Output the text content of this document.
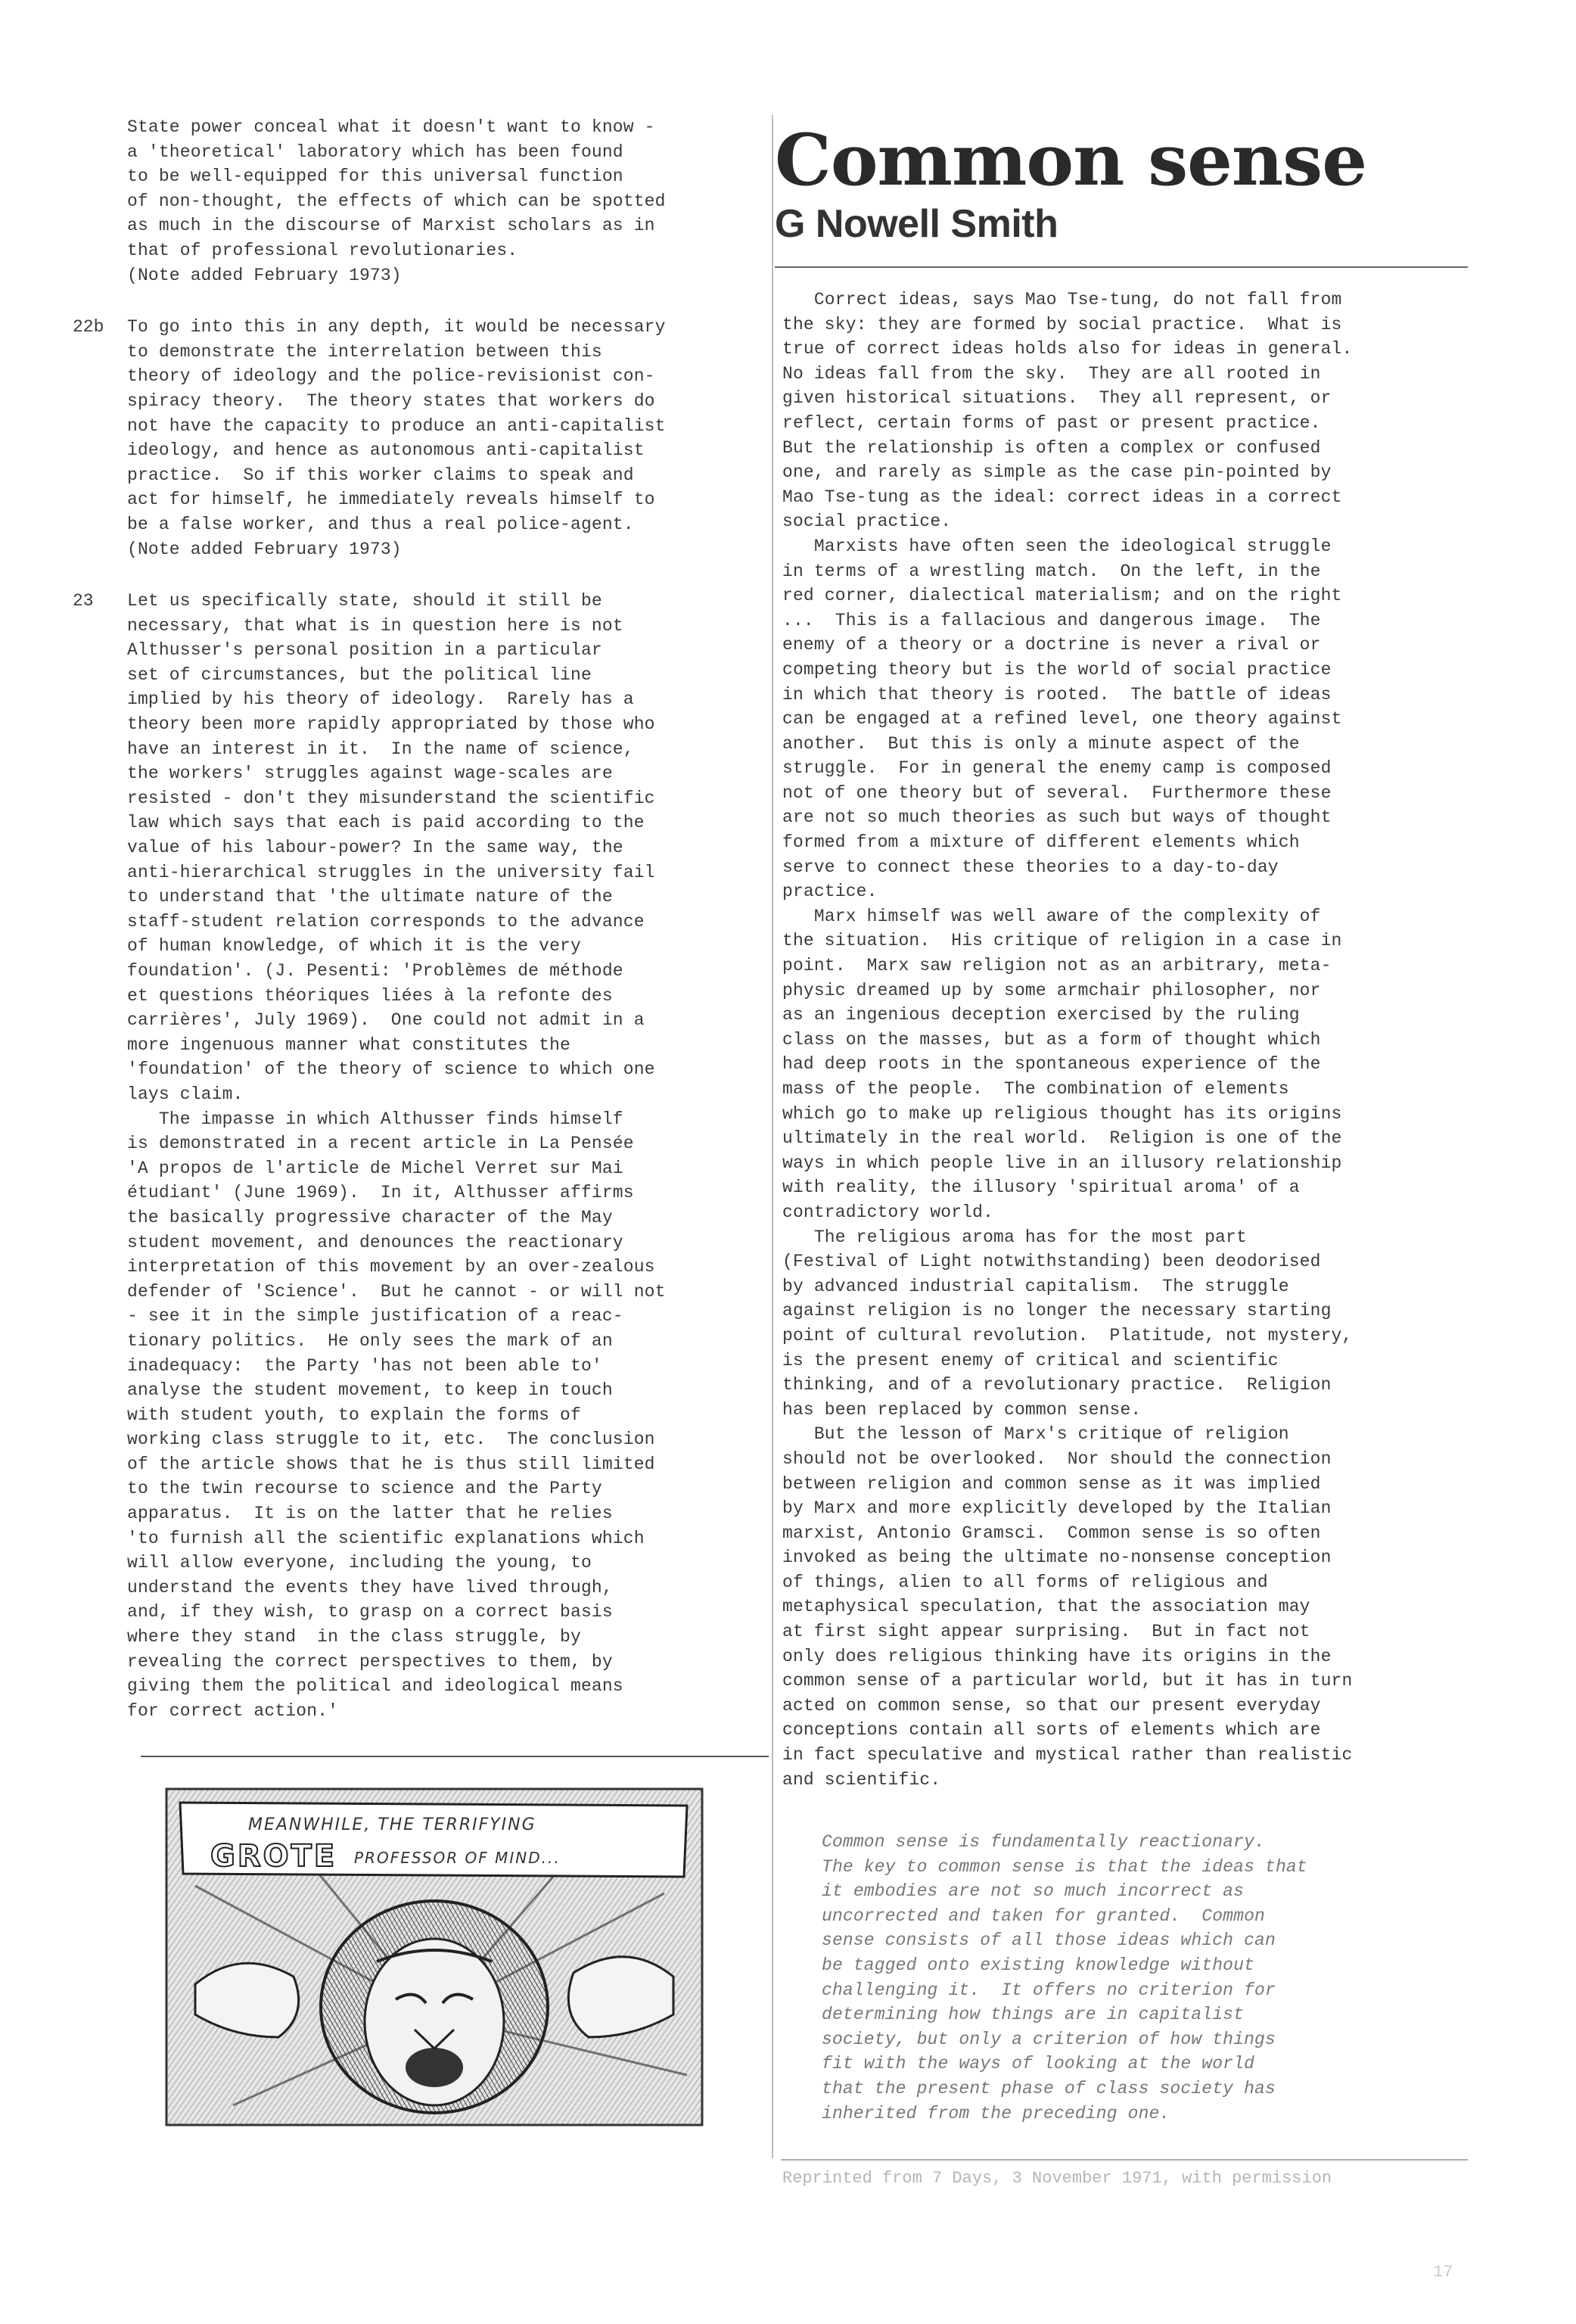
State power conceal what it doesn't want to know -
a 'theoretical' laboratory which has been found
to be well-equipped for this universal function
of non-thought, the effects of which can be spotted
as much in the discourse of Marxist scholars as in
that of professional revolutionaries.
(Note added February 1973)

22b To go into this in any depth, it would be necessary
to demonstrate the interrelation between this
theory of ideology and the police-revisionist con-
spiracy theory.  The theory states that workers do
not have the capacity to produce an anti-capitalist
ideology, and hence as autonomous anti-capitalist
practice.  So if this worker claims to speak and
act for himself, he immediately reveals himself to
be a false worker, and thus a real police-agent.
(Note added February 1973)

23 Let us specifically state, should it still be
necessary, that what is in question here is not
Althusser's personal position in a particular
set of circumstances, but the political line
implied by his theory of ideology.  Rarely has a
theory been more rapidly appropriated by those who
have an interest in it.  In the name of science,
the workers' struggles against wage-scales are
resisted - don't they misunderstand the scientific
law which says that each is paid according to the
value of his labour-power? In the same way, the
anti-hierarchical struggles in the university fail
to understand that 'the ultimate nature of the
staff-student relation corresponds to the advance
of human knowledge, of which it is the very
foundation'. (J. Pesenti: 'Problèmes de méthode
et questions théoriques liées à la refonte des
carrières', July 1969).  One could not admit in a
more ingenuous manner what constitutes the
'foundation' of the theory of science to which one
lays claim.

The impasse in which Althusser finds himself
is demonstrated in a recent article in La Pensée
'A propos de l'article de Michel Verret sur Mai
étudiant' (June 1969).  In it, Althusser affirms
the basically progressive character of the May
student movement, and denounces the reactionary
interpretation of this movement by an over-zealous
defender of 'Science'.  But he cannot - or will not
- see it in the simple justification of a reac-
tionary politics.  He only sees the mark of an
inadequacy:  the Party 'has not been able to'
analyse the student movement, to keep in touch
with student youth, to explain the forms of
working class struggle to it, etc.  The conclusion
of the article shows that he is thus still limited
to the twin recourse to science and the Party
apparatus.  It is on the latter that he relies
'to furnish all the scientific explanations which
will allow everyone, including the young, to
understand the events they have lived through,
and, if they wish, to grasp on a correct basis
where they stand  in the class struggle, by
revealing the correct perspectives to them, by
giving them the political and ideological means
for correct action.'

MEANWHILE, THE TERRIFYING
GROTE PROFESSOR OF MIND...
Common sense
G Nowell Smith

Correct ideas, says Mao Tse-tung, do not fall from
the sky: they are formed by social practice.  What is
true of correct ideas holds also for ideas in general.
No ideas fall from the sky.  They are all rooted in
given historical situations.  They all represent, or
reflect, certain forms of past or present practice.
But the relationship is often a complex or confused
one, and rarely as simple as the case pin-pointed by
Mao Tse-tung as the ideal: correct ideas in a correct
social practice.

Marxists have often seen the ideological struggle
in terms of a wrestling match.  On the left, in the
red corner, dialectical materialism; and on the right
...  This is a fallacious and dangerous image.  The
enemy of a theory or a doctrine is never a rival or
competing theory but is the world of social practice
in which that theory is rooted.  The battle of ideas
can be engaged at a refined level, one theory against
another.  But this is only a minute aspect of the
struggle.  For in general the enemy camp is composed
not of one theory but of several.  Furthermore these
are not so much theories as such but ways of thought
formed from a mixture of different elements which
serve to connect these theories to a day-to-day
practice.

Marx himself was well aware of the complexity of
the situation.  His critique of religion in a case in
point.  Marx saw religion not as an arbitrary, meta-
physic dreamed up by some armchair philosopher, nor
as an ingenious deception exercised by the ruling
class on the masses, but as a form of thought which
had deep roots in the spontaneous experience of the
mass of the people.  The combination of elements
which go to make up religious thought has its origins
ultimately in the real world.  Religion is one of the
ways in which people live in an illusory relationship
with reality, the illusory 'spiritual aroma' of a
contradictory world.

The religious aroma has for the most part
(Festival of Light notwithstanding) been deodorised
by advanced industrial capitalism.  The struggle
against religion is no longer the necessary starting
point of cultural revolution.  Platitude, not mystery,
is the present enemy of critical and scientific
thinking, and of a revolutionary practice.  Religion
has been replaced by common sense.

But the lesson of Marx's critique of religion
should not be overlooked.  Nor should the connection
between religion and common sense as it was implied
by Marx and more explicitly developed by the Italian
marxist, Antonio Gramsci.  Common sense is so often
invoked as being the ultimate no-nonsense conception
of things, alien to all forms of religious and
metaphysical speculation, that the association may
at first sight appear surprising.  But in fact not
only does religious thinking have its origins in the
common sense of a particular world, but it has in turn
acted on common sense, so that our present everyday
conceptions contain all sorts of elements which are
in fact speculative and mystical rather than realistic
and scientific.

Common sense is fundamentally reactionary.
The key to common sense is that the ideas that
it embodies are not so much incorrect as
uncorrected and taken for granted.  Common
sense consists of all those ideas which can
be tagged onto existing knowledge without
challenging it.  It offers no criterion for
determining how things are in capitalist
society, but only a criterion of how things
fit with the ways of looking at the world
that the present phase of class society has
inherited from the preceding one.

Reprinted from 7 Days, 3 November 1971, with permission
17
